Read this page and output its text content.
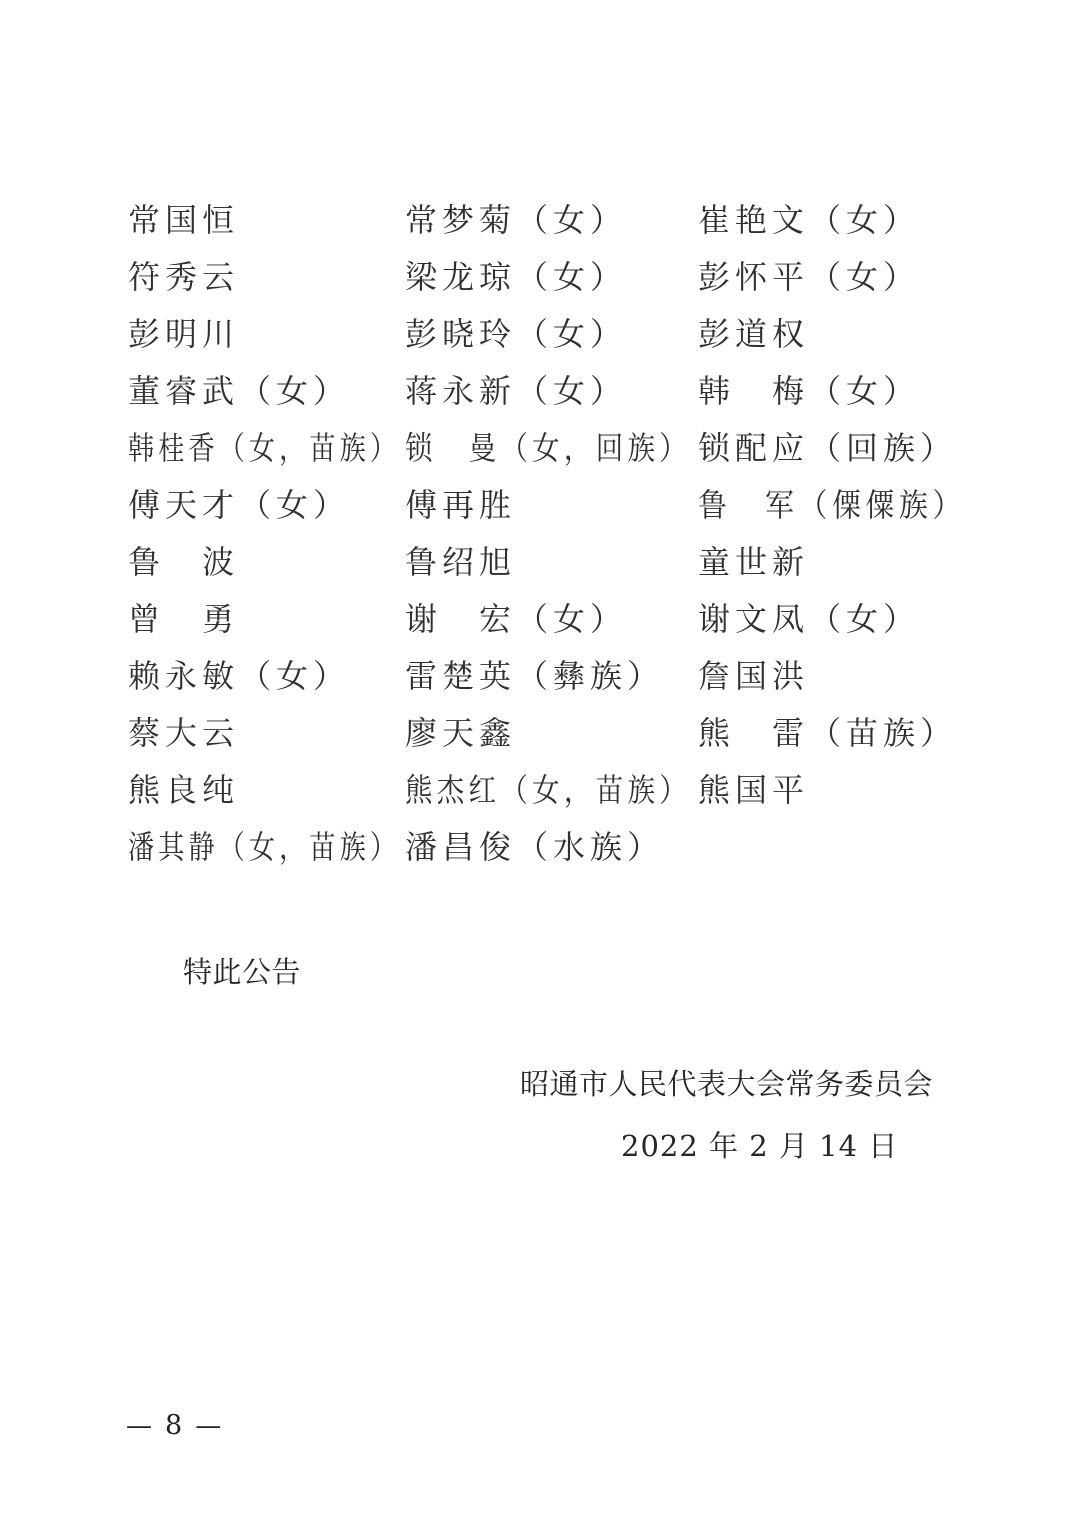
常国恒	常梦菊（女） 崔艳文（女）
符秀云	梁龙琼（女） 彭怀平（女）
彭明川	彭晓玲（女） 彭道权
董睿武（女） 蒋永新（女） 韩　梅（女）
韩桂香（女，苗族） 锁　曼（女，回族） 锁配应（回族）
傅天才（女） 傅再胜	鲁　军（傈僳族）
鲁　波	鲁绍旭	童世新
曾　勇	谢　宏（女） 谢文凤（女）
赖永敏（女） 雷楚英（彝族） 詹国洪
蔡大云	廖天鑫	熊　雷（苗族）
熊良纯	熊杰红（女，苗族） 熊国平
潘其静（女，苗族） 潘昌俊（水族）
特此公告
昭通市人民代表大会常务委员会
2022 年 2 月 14 日
— 8 —
